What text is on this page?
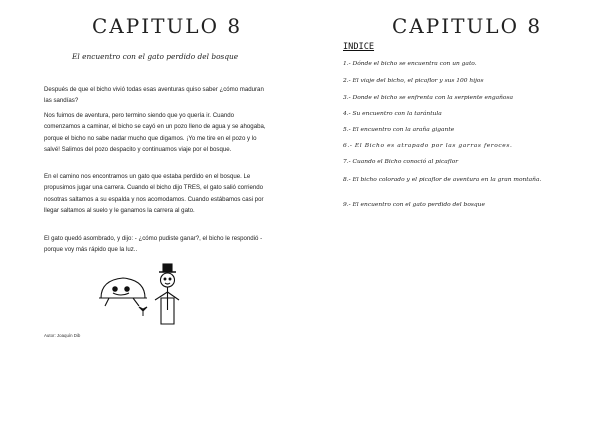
CAPITULO 8
El encuentro con el gato perdido del bosque

Después de que el bicho vivió todas esas aventuras quiso saber ¿cómo maduran las sandías?

Nos fuimos de aventura, pero termino siendo que yo quería ir. Cuando comenzamos a caminar, el bicho se cayó en un pozo lleno de agua y se ahogaba, porque el bicho no sabe nadar mucho que digamos. ¡Yo me tire en el pozo y lo salvé! Salimos del pozo despacito y continuamos viaje por el bosque.

En el camino nos encontramos un gato que estaba perdido en el bosque. Le propusimos jugar una carrera. Cuando el bicho dijo TRES, el gato salió corriendo nosotras saltamos a su espalda y nos acomodamos. Cuando estábamos casi por llegar saltamos al suelo y le ganamos la carrera al gato.

El gato quedó asombrado, y dijo: - ¿cómo pudiste ganar?, el bicho le respondió -porque voy más rápido que la luz..

Autor: Joaquín Dib
CAPITULO 8
INDICE
1.- Dónde el bicho se encuentra con un gato.
2.- El viaje del bicho, el picaflor y sus 100 hijos
3.- Donde el bicho se enfrenta con la serpiente engañosa
4.- Su encuentro con la tarántula
5.- El encuentro con la araña gigante
6.- El Bicho es atrapado por las garras feroces.
7.- Cuando el Bicho conoció al picaflor
8.- El bicho colorado y el picaflor de aventura en la gran montaña.
9.- El encuentro con el gato perdido del bosque
